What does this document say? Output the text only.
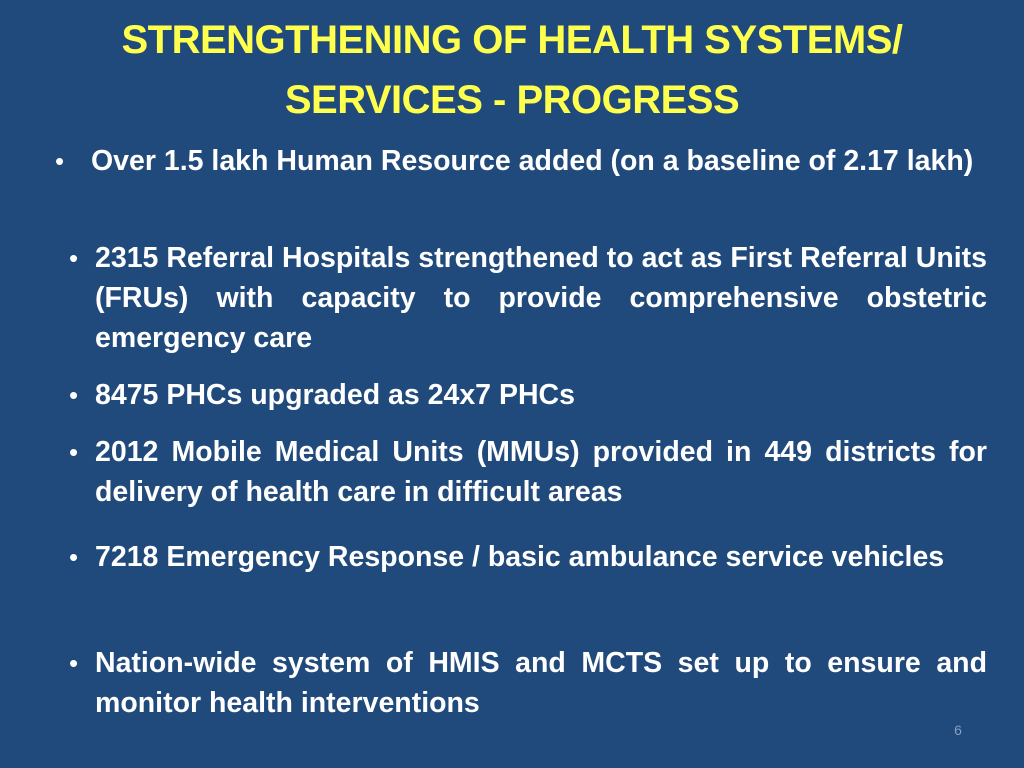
STRENGTHENING OF HEALTH SYSTEMS/
SERVICES - PROGRESS
• Over 1.5 lakh Human Resource added (on a baseline of 2.17 lakh)
• 2315 Referral Hospitals strengthened to act as First Referral Units (FRUs) with capacity to provide comprehensive obstetric emergency care
• 8475 PHCs upgraded as 24x7 PHCs
• 2012 Mobile Medical Units (MMUs) provided in 449 districts for delivery of health care in difficult areas
• 7218 Emergency Response / basic ambulance service vehicles
• Nation-wide system of HMIS and MCTS set up to ensure and monitor health interventions
6
